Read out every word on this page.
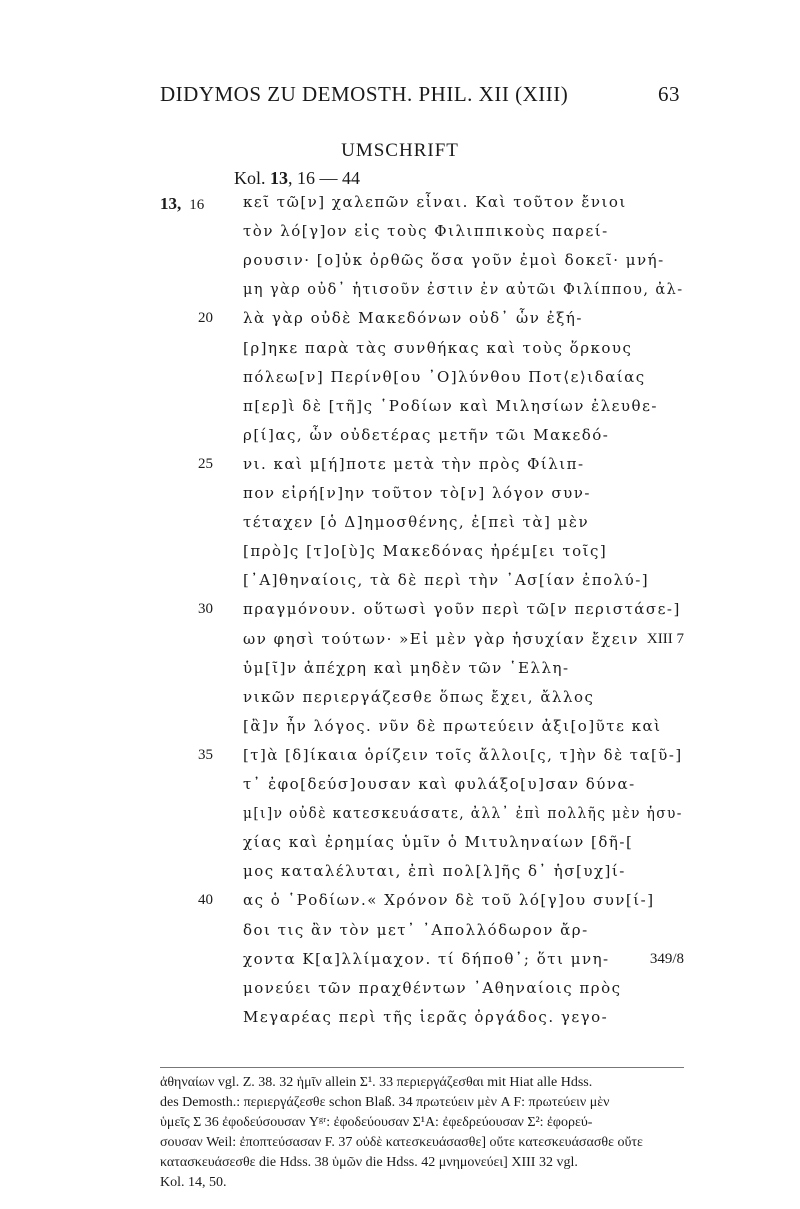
DIDYMOS ZU DEMOSTH. PHIL. XII (XIII)	63
UMSCHRIFT
Kol. 13, 16 — 44
13, 16	κεῖ τῶ[ν] χαλεπῶν εἶναι. Καὶ τοῦτον ἔνιοι
τὸν λό[γ]ον εἰς τοὺς Φιλιππικοὺς παρεί-
ρουσιν· [ο]ὐκ ὀρθῶς ὅσα γοῦν ἐμοὶ δοκεῖ· μνή-
μη γὰρ οὐδ᾽ ἡτισοῦν ἐστιν ἐν αὐτῶι Φιλίππου, ἀλ-
20 λὰ γὰρ οὐδὲ Μακεδόνων οὐδ᾽ ὧν ἐξή-
[ρ]ηκε παρὰ τὰς συνθήκας καὶ τοὺς ὅρκους
πόλεω[ν] Περίνθ[ου ᾽Ο]λύνθου Ποτ⟨ε⟩ιδαίας
π[ερ]ὶ δὲ [τῆ]ς ῾Ροδίων καὶ Μιλησίων ἐλευθε-
ρ[ί]ας, ὧν οὐδετέρας μετῆν τῶι Μακεδό-
25 νι. καὶ μ[ή]ποτε μετὰ τὴν πρὸς Φίλιπ-
πον εἰρή[ν]ην τοῦτον τὸ[ν] λόγον συν-
τέταχεν [ὁ Δ]ημοσθένης, ἐ[πεὶ τὰ] μὲν
[πρὸ]ς [τ]ο[ὺ]ς Μακεδόνας ἠρέμ[ει τοῖς]
[᾽Α]θηναίοις, τὰ δὲ περὶ τὴν ᾽Ασ[ίαν ἐπολύ-]
30 πραγμόνουν. οὕτωσὶ γοῦν περὶ τῶ[ν περιστάσε-]
ων φησὶ τούτων· »Εἰ μὲν γὰρ ἡσυχίαν ἔχειν XIII 7
ὑμ[ῖ]ν ἀπέχρη καὶ μηδὲν τῶν ῾Ελλη-
νικῶν περιεργάζεσθε ὅπως ἔχει, ἄλλος
[ἂ]ν ἦν λόγος. νῦν δὲ πρωτεύειν ἀξι[ο]ῦτε καὶ
35 [τ]ὰ [δ]ίκαια ὁρίζειν τοῖς ἄλλοι[ς, τ]ὴν δὲ τα[ῦ-]
τ᾽ ἐφο[δεύσ]ουσαν καὶ φυλάξο[υ]σαν δύνα-
μ[ι]ν οὐδὲ κατεσκευάσατε, ἀλλ᾽ ἐπὶ πολλῆς μὲν ἡσυ-
χίας καὶ ἐρημίας ὑμῖν ὁ Μιτυληναίων [δῆ-[
μος καταλέλυται, ἐπὶ πολ[λ]ῆς δ᾽ ἡσ[υχ]ί-
40 ας ὁ ῾Ροδίων.« Χρόνον δὲ τοῦ λό[γ]ου συν[ί-]
δοι τις ἂν τὸν μετ᾽ ᾽Απολλόδωρον ἄρ-
χοντα Κ[α]λλίμαχον. τί δήποθ᾽; ὅτι μνη-	349/8
μονεύει τῶν πραχθέντων ᾽Αθηναίοις πρὸς
Μεγαρέας περὶ τῆς ἱερᾶς ὀργάδος. γεγο-
ἀθηναίων vgl. Z. 38. 32 ἡμῖν allein Σ¹. 33 περιεργάζεσθαι mit Hiat alle Hdss.
des Demosth.: περιεργάζεσθε schon Blaß. 34 πρωτεύειν μὲν A F: πρωτεύειν μὲν
ὑμεῖς Σ 36 ἐφοδεύσουσαν Yᵍʳ: ἐφοδεύουσαν Σ¹A: ἐφεδρεύουσαν Σ²: ἐφορεύ-
σουσαν Weil: ἐποπτεύσασαν F. 37 οὐδὲ κατεσκευάσασθε] οὔτε κατεσκευάσασθε οὔτε
κατασκευάσεσθε die Hdss. 38 ὑμῶν die Hdss. 42 μνημονεύει] XIII 32 vgl.
Kol. 14, 50.
